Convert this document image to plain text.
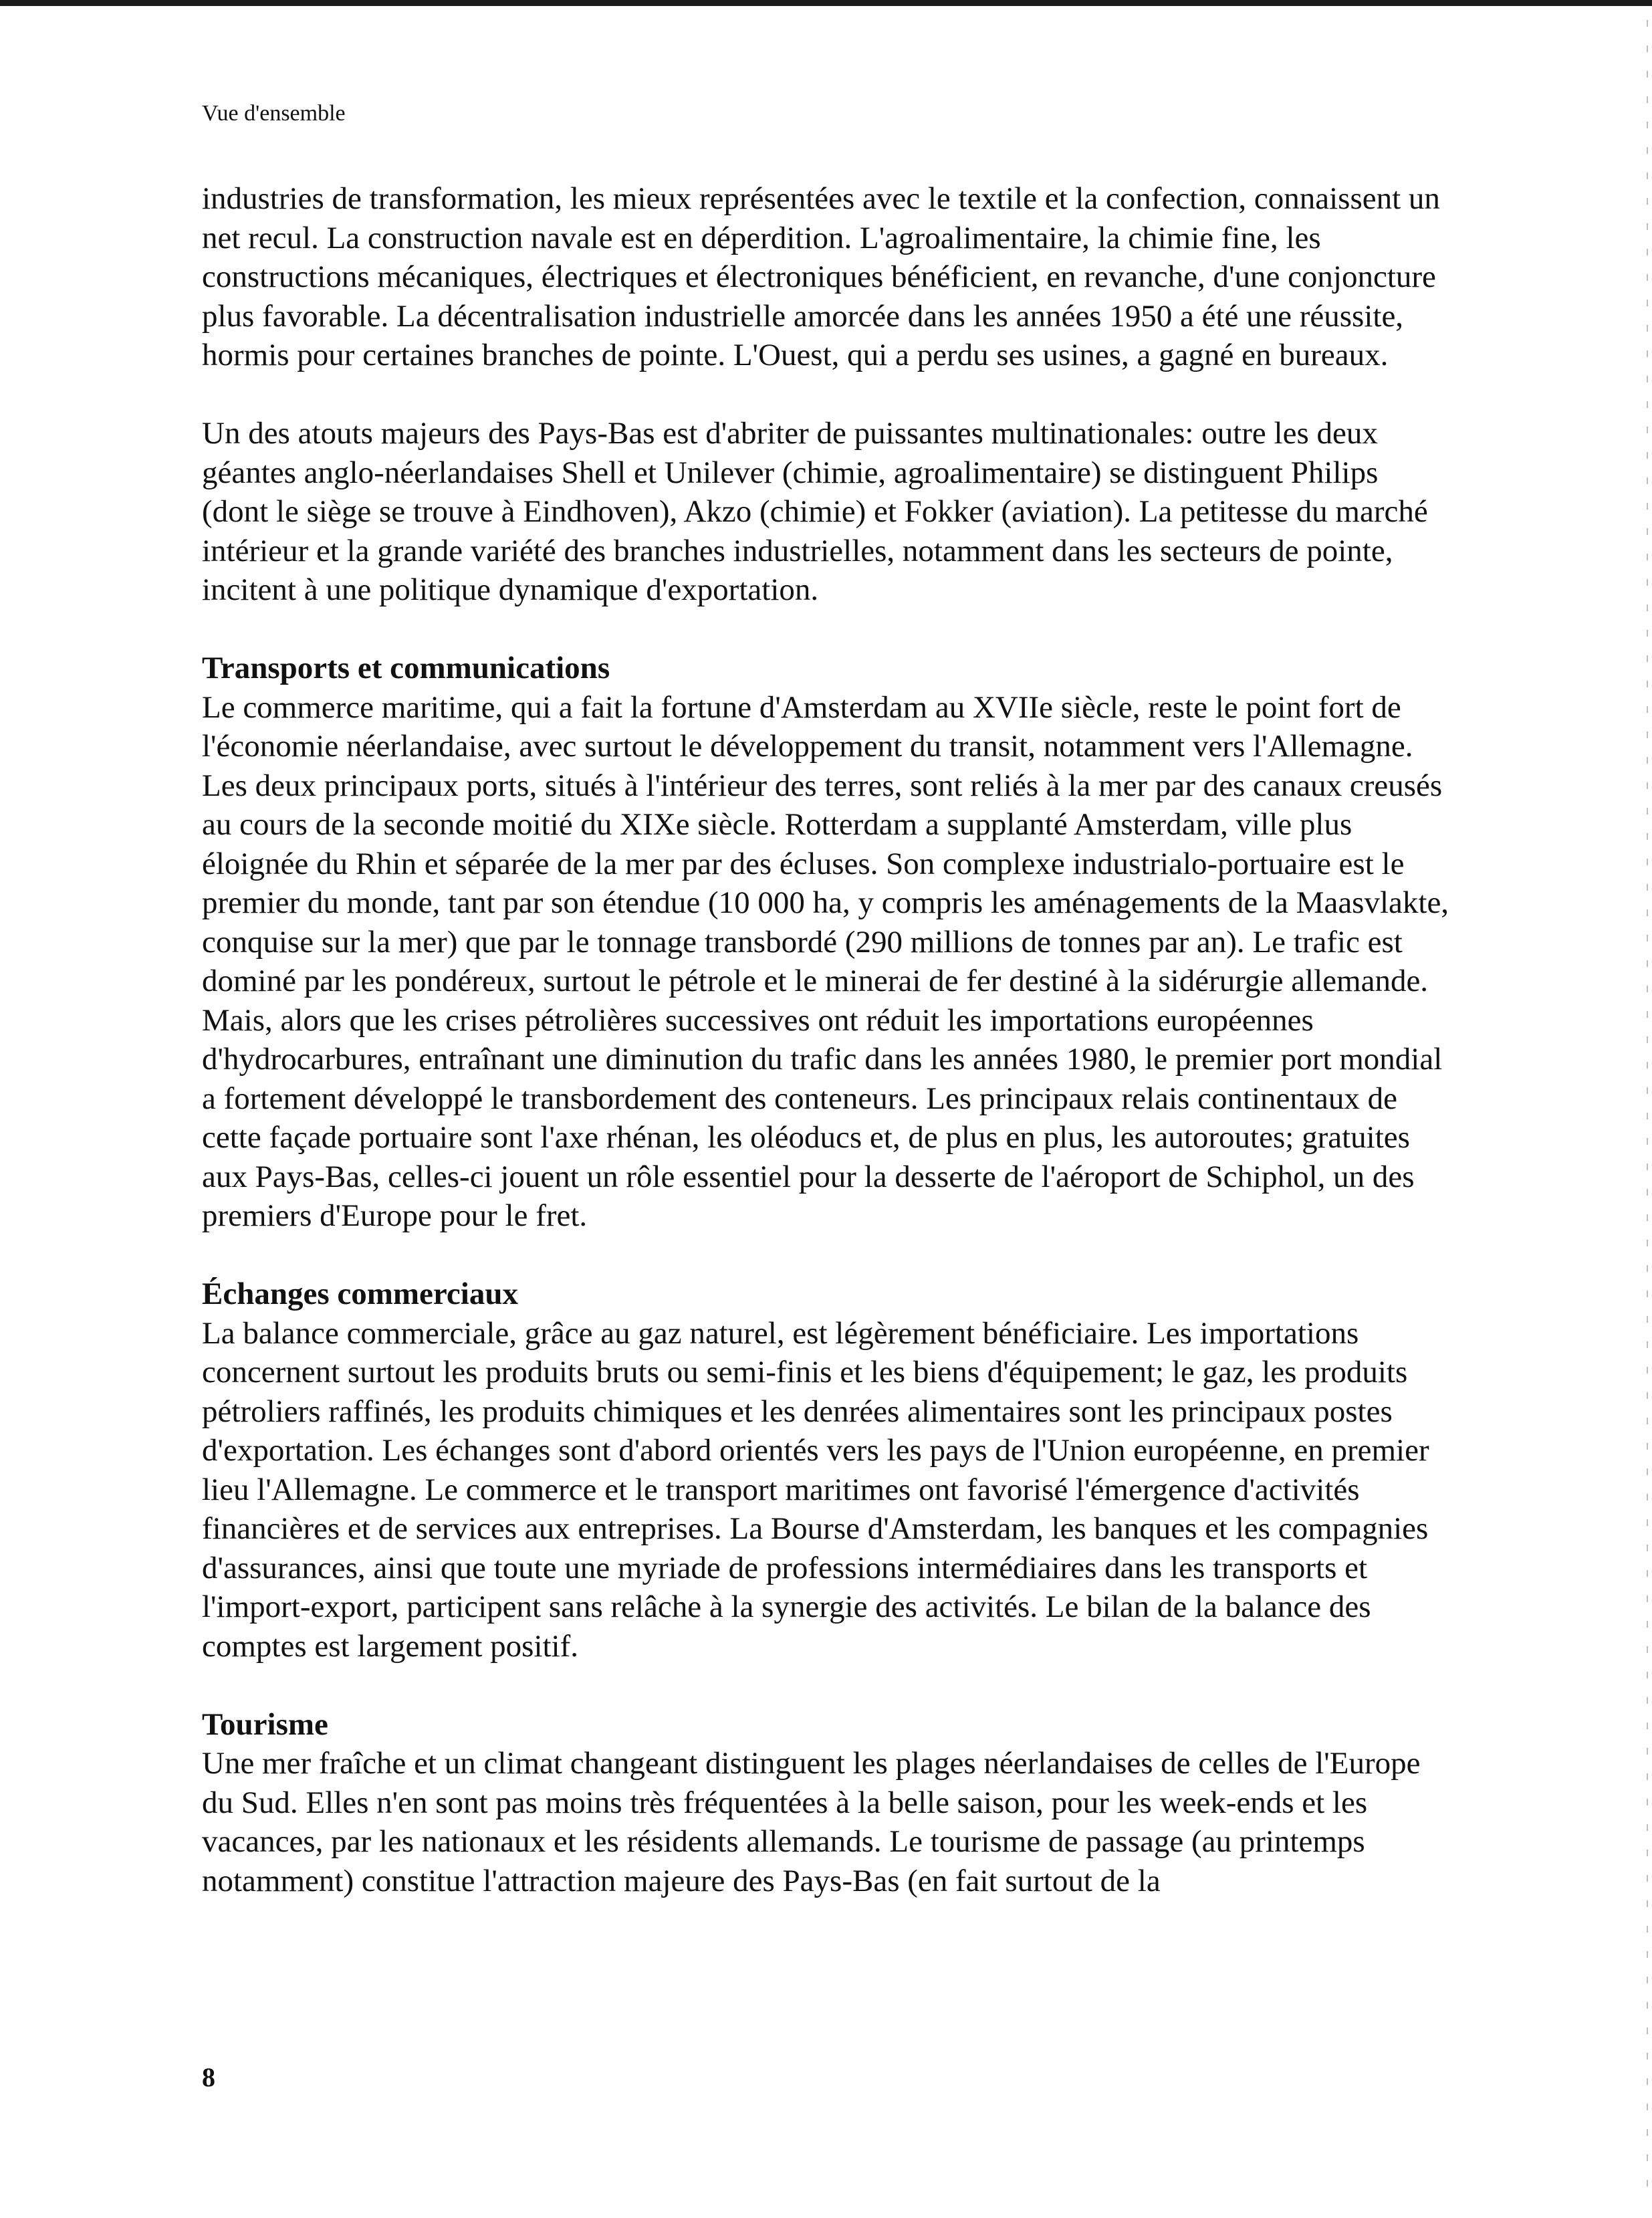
Vue d'ensemble

industries de transformation, les mieux représentées avec le textile et la confection, connaissent un net recul. La construction navale est en déperdition. L'agroalimentaire, la chimie fine, les constructions mécaniques, électriques et électroniques bénéficient, en revanche, d'une conjoncture plus favorable. La décentralisation industrielle amorcée dans les années 1950 a été une réussite, hormis pour certaines branches de pointe. L'Ouest, qui a perdu ses usines, a gagné en bureaux.

Un des atouts majeurs des Pays-Bas est d'abriter de puissantes multinationales: outre les deux géantes anglo-néerlandaises Shell et Unilever (chimie, agroalimentaire) se distinguent Philips (dont le siège se trouve à Eindhoven), Akzo (chimie) et Fokker (aviation). La petitesse du marché intérieur et la grande variété des branches industrielles, notamment dans les secteurs de pointe, incitent à une politique dynamique d'exportation.

Transports et communications

Le commerce maritime, qui a fait la fortune d'Amsterdam au XVIIe siècle, reste le point fort de l'économie néerlandaise, avec surtout le développement du transit, notamment vers l'Allemagne. Les deux principaux ports, situés à l'intérieur des terres, sont reliés à la mer par des canaux creusés au cours de la seconde moitié du XIXe siècle. Rotterdam a supplanté Amsterdam, ville plus éloignée du Rhin et séparée de la mer par des écluses. Son complexe industrialo-portuaire est le premier du monde, tant par son étendue (10 000 ha, y compris les aménagements de la Maasvlakte, conquise sur la mer) que par le tonnage transbordé (290 millions de tonnes par an). Le trafic est dominé par les pondéreux, surtout le pétrole et le minerai de fer destiné à la sidérurgie allemande. Mais, alors que les crises pétrolières successives ont réduit les importations européennes d'hydrocarbures, entraînant une diminution du trafic dans les années 1980, le premier port mondial a fortement développé le transbordement des conteneurs. Les principaux relais continentaux de cette façade portuaire sont l'axe rhénan, les oléoducs et, de plus en plus, les autoroutes; gratuites aux Pays-Bas, celles-ci jouent un rôle essentiel pour la desserte de l'aéroport de Schiphol, un des premiers d'Europe pour le fret.

Échanges commerciaux

La balance commerciale, grâce au gaz naturel, est légèrement bénéficiaire. Les importations concernent surtout les produits bruts ou semi-finis et les biens d'équipement; le gaz, les produits pétroliers raffinés, les produits chimiques et les denrées alimentaires sont les principaux postes d'exportation. Les échanges sont d'abord orientés vers les pays de l'Union européenne, en premier lieu l'Allemagne. Le commerce et le transport maritimes ont favorisé l'émergence d'activités financières et de services aux entreprises. La Bourse d'Amsterdam, les banques et les compagnies d'assurances, ainsi que toute une myriade de professions intermédiaires dans les transports et l'import-export, participent sans relâche à la synergie des activités. Le bilan de la balance des comptes est largement positif.

Tourisme

Une mer fraîche et un climat changeant distinguent les plages néerlandaises de celles de l'Europe du Sud. Elles n'en sont pas moins très fréquentées à la belle saison, pour les week-ends et les vacances, par les nationaux et les résidents allemands. Le tourisme de passage (au printemps notamment) constitue l'attraction majeure des Pays-Bas (en fait surtout de la

8
